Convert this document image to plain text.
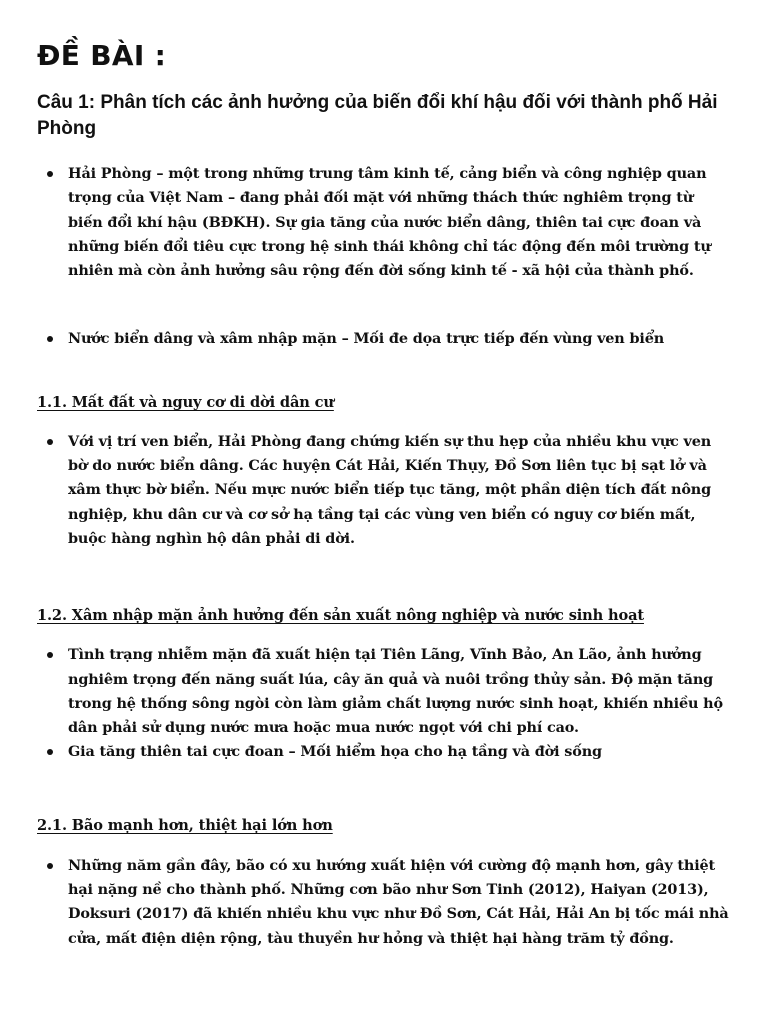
ĐỀ BÀI :
Câu 1: Phân tích các ảnh hưởng của biến đổi khí hậu đối với thành phố Hải Phòng
Hải Phòng – một trong những trung tâm kinh tế, cảng biển và công nghiệp quan trọng của Việt Nam – đang phải đối mặt với những thách thức nghiêm trọng từ biến đổi khí hậu (BĐKH). Sự gia tăng của nước biển dâng, thiên tai cực đoan và những biến đổi tiêu cực trong hệ sinh thái không chỉ tác động đến môi trường tự nhiên mà còn ảnh hưởng sâu rộng đến đời sống kinh tế - xã hội của thành phố.
Nước biển dâng và xâm nhập mặn – Mối đe dọa trực tiếp đến vùng ven biển
1.1. Mất đất và nguy cơ di dời dân cư
Với vị trí ven biển, Hải Phòng đang chứng kiến sự thu hẹp của nhiều khu vực ven bờ do nước biển dâng. Các huyện Cát Hải, Kiến Thụy, Đồ Sơn liên tục bị sạt lở và xâm thực bờ biển. Nếu mực nước biển tiếp tục tăng, một phần diện tích đất nông nghiệp, khu dân cư và cơ sở hạ tầng tại các vùng ven biển có nguy cơ biến mất, buộc hàng nghìn hộ dân phải di dời.
1.2. Xâm nhập mặn ảnh hưởng đến sản xuất nông nghiệp và nước sinh hoạt
Tình trạng nhiễm mặn đã xuất hiện tại Tiên Lãng, Vĩnh Bảo, An Lão, ảnh hưởng nghiêm trọng đến năng suất lúa, cây ăn quả và nuôi trồng thủy sản. Độ mặn tăng trong hệ thống sông ngòi còn làm giảm chất lượng nước sinh hoạt, khiến nhiều hộ dân phải sử dụng nước mưa hoặc mua nước ngọt với chi phí cao.
Gia tăng thiên tai cực đoan – Mối hiểm họa cho hạ tầng và đời sống
2.1. Bão mạnh hơn, thiệt hại lớn hơn
Những năm gần đây, bão có xu hướng xuất hiện với cường độ mạnh hơn, gây thiệt hại nặng nề cho thành phố. Những cơn bão như Sơn Tinh (2012), Haiyan (2013), Doksuri (2017) đã khiến nhiều khu vực như Đồ Sơn, Cát Hải, Hải An bị tốc mái nhà cửa, mất điện diện rộng, tàu thuyền hư hỏng và thiệt hại hàng trăm tỷ đồng.
